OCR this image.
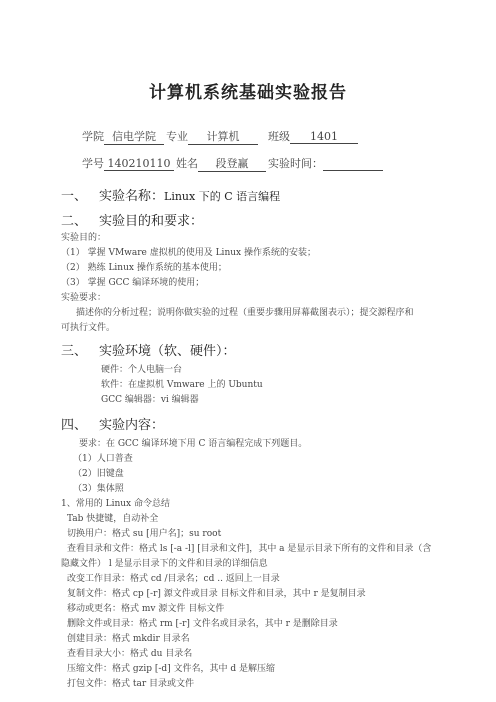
计算机系统基础实验报告
学院 信电学院 专业 计算机	班级 1401
学号 140210110 姓名 段登赢 实验时间：
一、 实验名称：Linux 下的 C 语言编程
二、 实验目的和要求：
实验目的：
（1） 掌握 VMware 虚拟机的使用及 Linux 操作系统的安装；
（2） 熟练 Linux 操作系统的基本使用；
（3） 掌握 GCC 编译环境的使用；
实验要求：
描述你的分析过程；说明你做实验的过程（重要步骤用屏幕截图表示）；提交源程序和
可执行文件。
三、 实验环境（软、硬件）：
硬件：个人电脑一台
软件：在虚拟机 Vmware 上的 Ubuntu
GCC 编辑器：vi 编辑器
四、 实验内容：
要求：在 GCC 编译环境下用 C 语言编程完成下列题目。
（1）人口普查
（2）旧键盘
（3）集体照
1、常用的 Linux 命令总结
Tab 快捷键，自动补全
切换用户：格式 su [用户名]；su root
查看目录和文件：格式 ls [-a -l] [目录和文件]，其中 a 是显示目录下所有的文件和目录（含
隐藏文件） l 是显示目录下的文件和目录的详细信息
改变工作目录：格式 cd /目录名；cd .. 返回上一目录
复制文件：格式 cp [-r] 源文件或目录 目标文件和目录，其中 r 是复制目录
移动或更名：格式 mv 源文件 目标文件
删除文件或目录：格式 rm [-r] 文件名或目录名，其中 r 是删除目录
创建目录：格式 mkdir 目录名
查看目录大小：格式 du 目录名
压缩文件：格式 gzip [-d] 文件名，其中 d 是解压缩
打包文件：格式 tar 目录或文件
